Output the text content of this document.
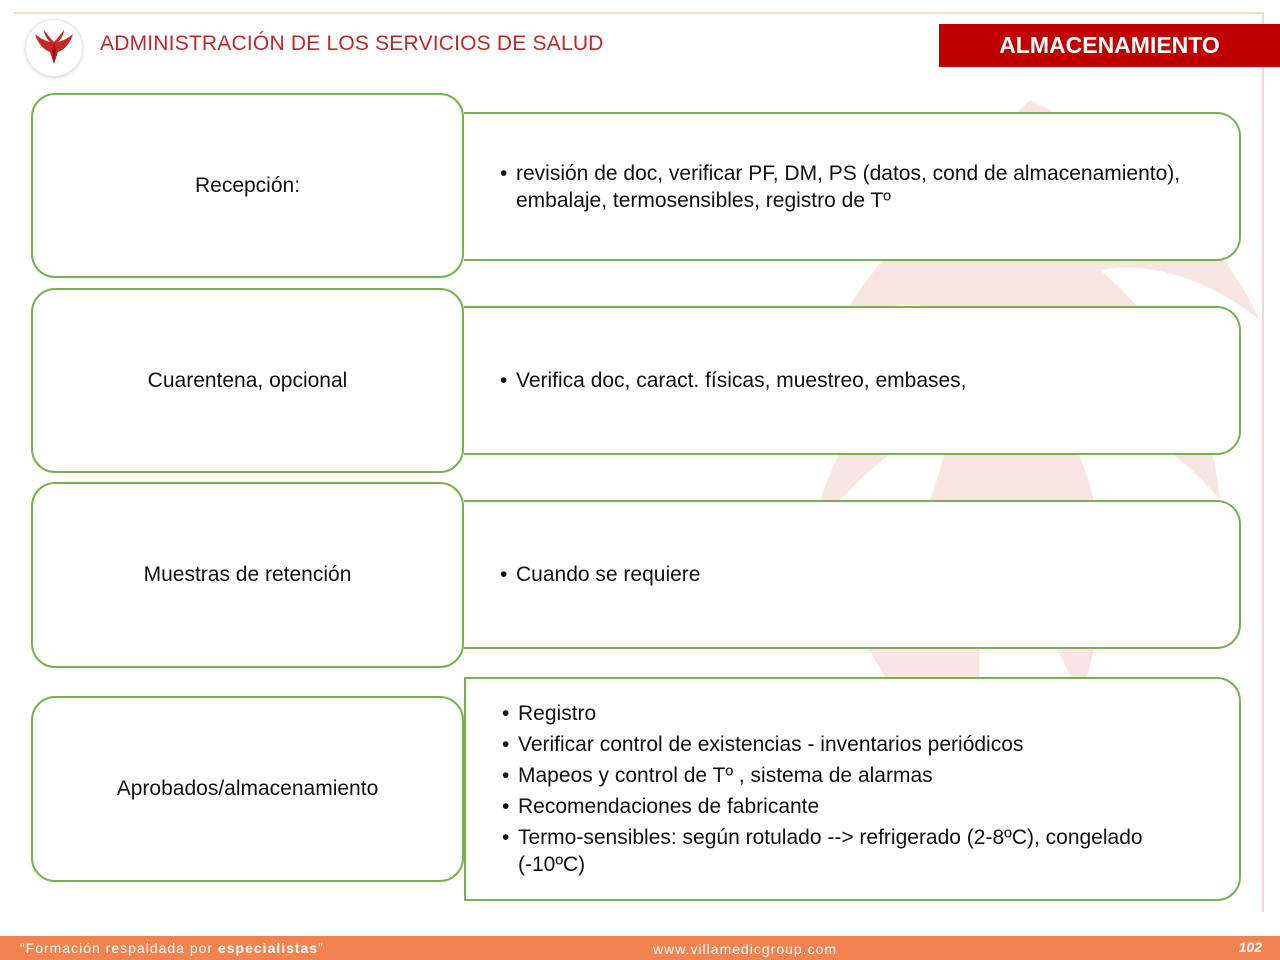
ADMINISTRACIÓN DE LOS SERVICIOS DE SALUD	ALMACENAMIENTO
Recepción:
• revisión de doc, verificar PF, DM, PS (datos, cond de almacenamiento), embalaje, termosensibles, registro de Tº
Cuarentena, opcional	• Verifica doc, caract. físicas, muestreo, embases,
Muestras de retención	• Cuando se requiere
• Registro
• Verificar control de existencias - inventarios periódicos
• Mapeos y control de Tº , sistema de alarmas
• Recomendaciones de fabricante
• Termo-sensibles: según rotulado --> refrigerado (2-8ºC), congelado (-10ºC)
Aprobados/almacenamiento
“Formación respaldada por especialistas”	www.villamedicgroup.com	102
